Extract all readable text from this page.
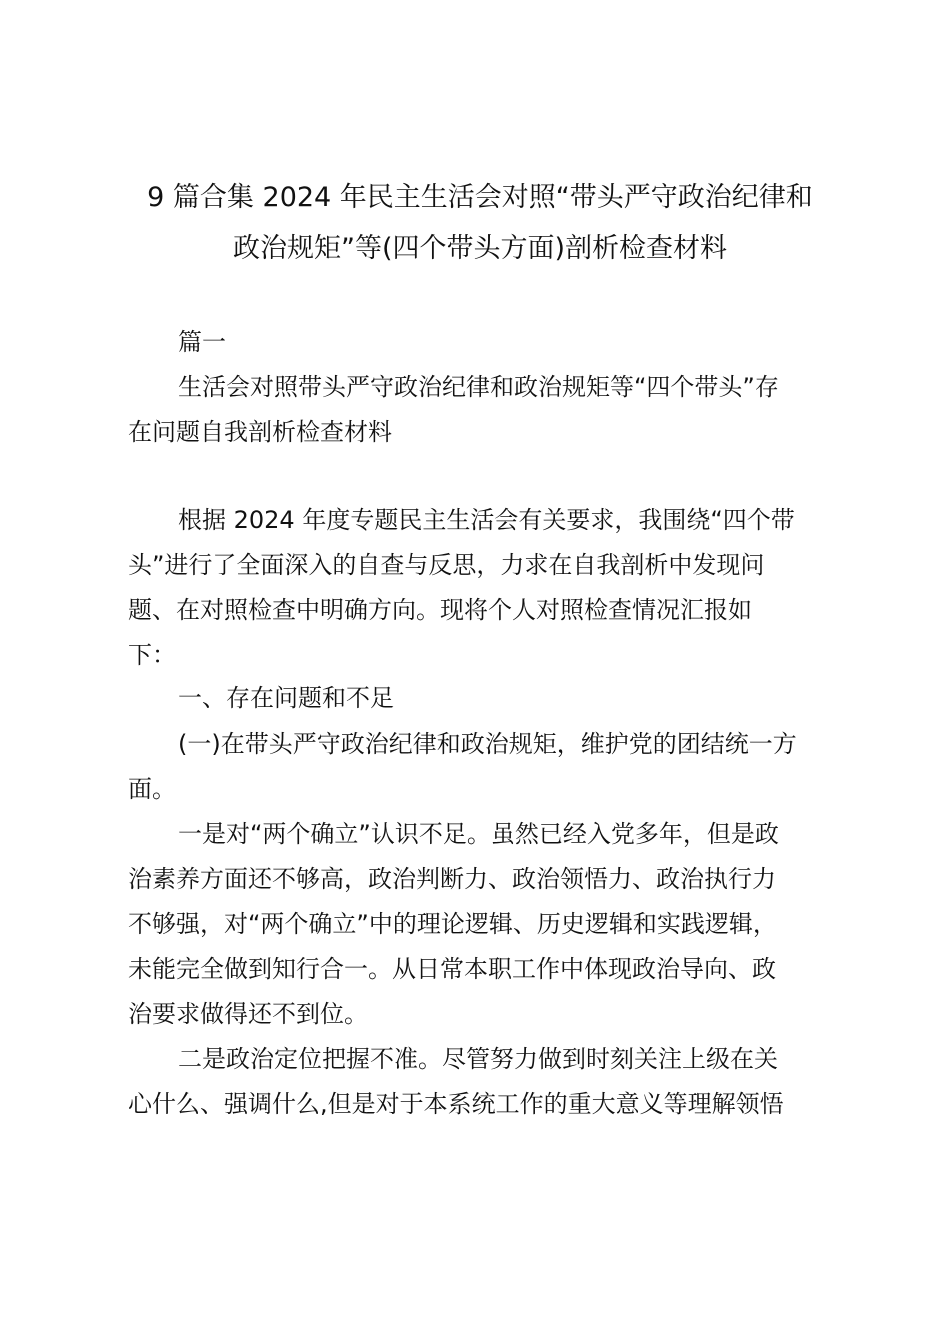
9 篇合集 2024 年民主生活会对照“带头严守政治纪律和
政治规矩”等(四个带头方面)剖析检查材料
篇一
生活会对照带头严守政治纪律和政治规矩等“四个带头”存
在问题自我剖析检查材料
根据 2024 年度专题民主生活会有关要求，我围绕“四个带
头”进行了全面深入的自查与反思，力求在自我剖析中发现问
题、在对照检查中明确方向。现将个人对照检查情况汇报如
下：
一、存在问题和不足
(一)在带头严守政治纪律和政治规矩，维护党的团结统一方
面。
一是对“两个确立”认识不足。虽然已经入党多年，但是政
治素养方面还不够高，政治判断力、政治领悟力、政治执行力
不够强，对“两个确立”中的理论逻辑、历史逻辑和实践逻辑，
未能完全做到知行合一。从日常本职工作中体现政治导向、政
治要求做得还不到位。
二是政治定位把握不准。尽管努力做到时刻关注上级在关
心什么、强调什么,但是对于本系统工作的重大意义等理解领悟
